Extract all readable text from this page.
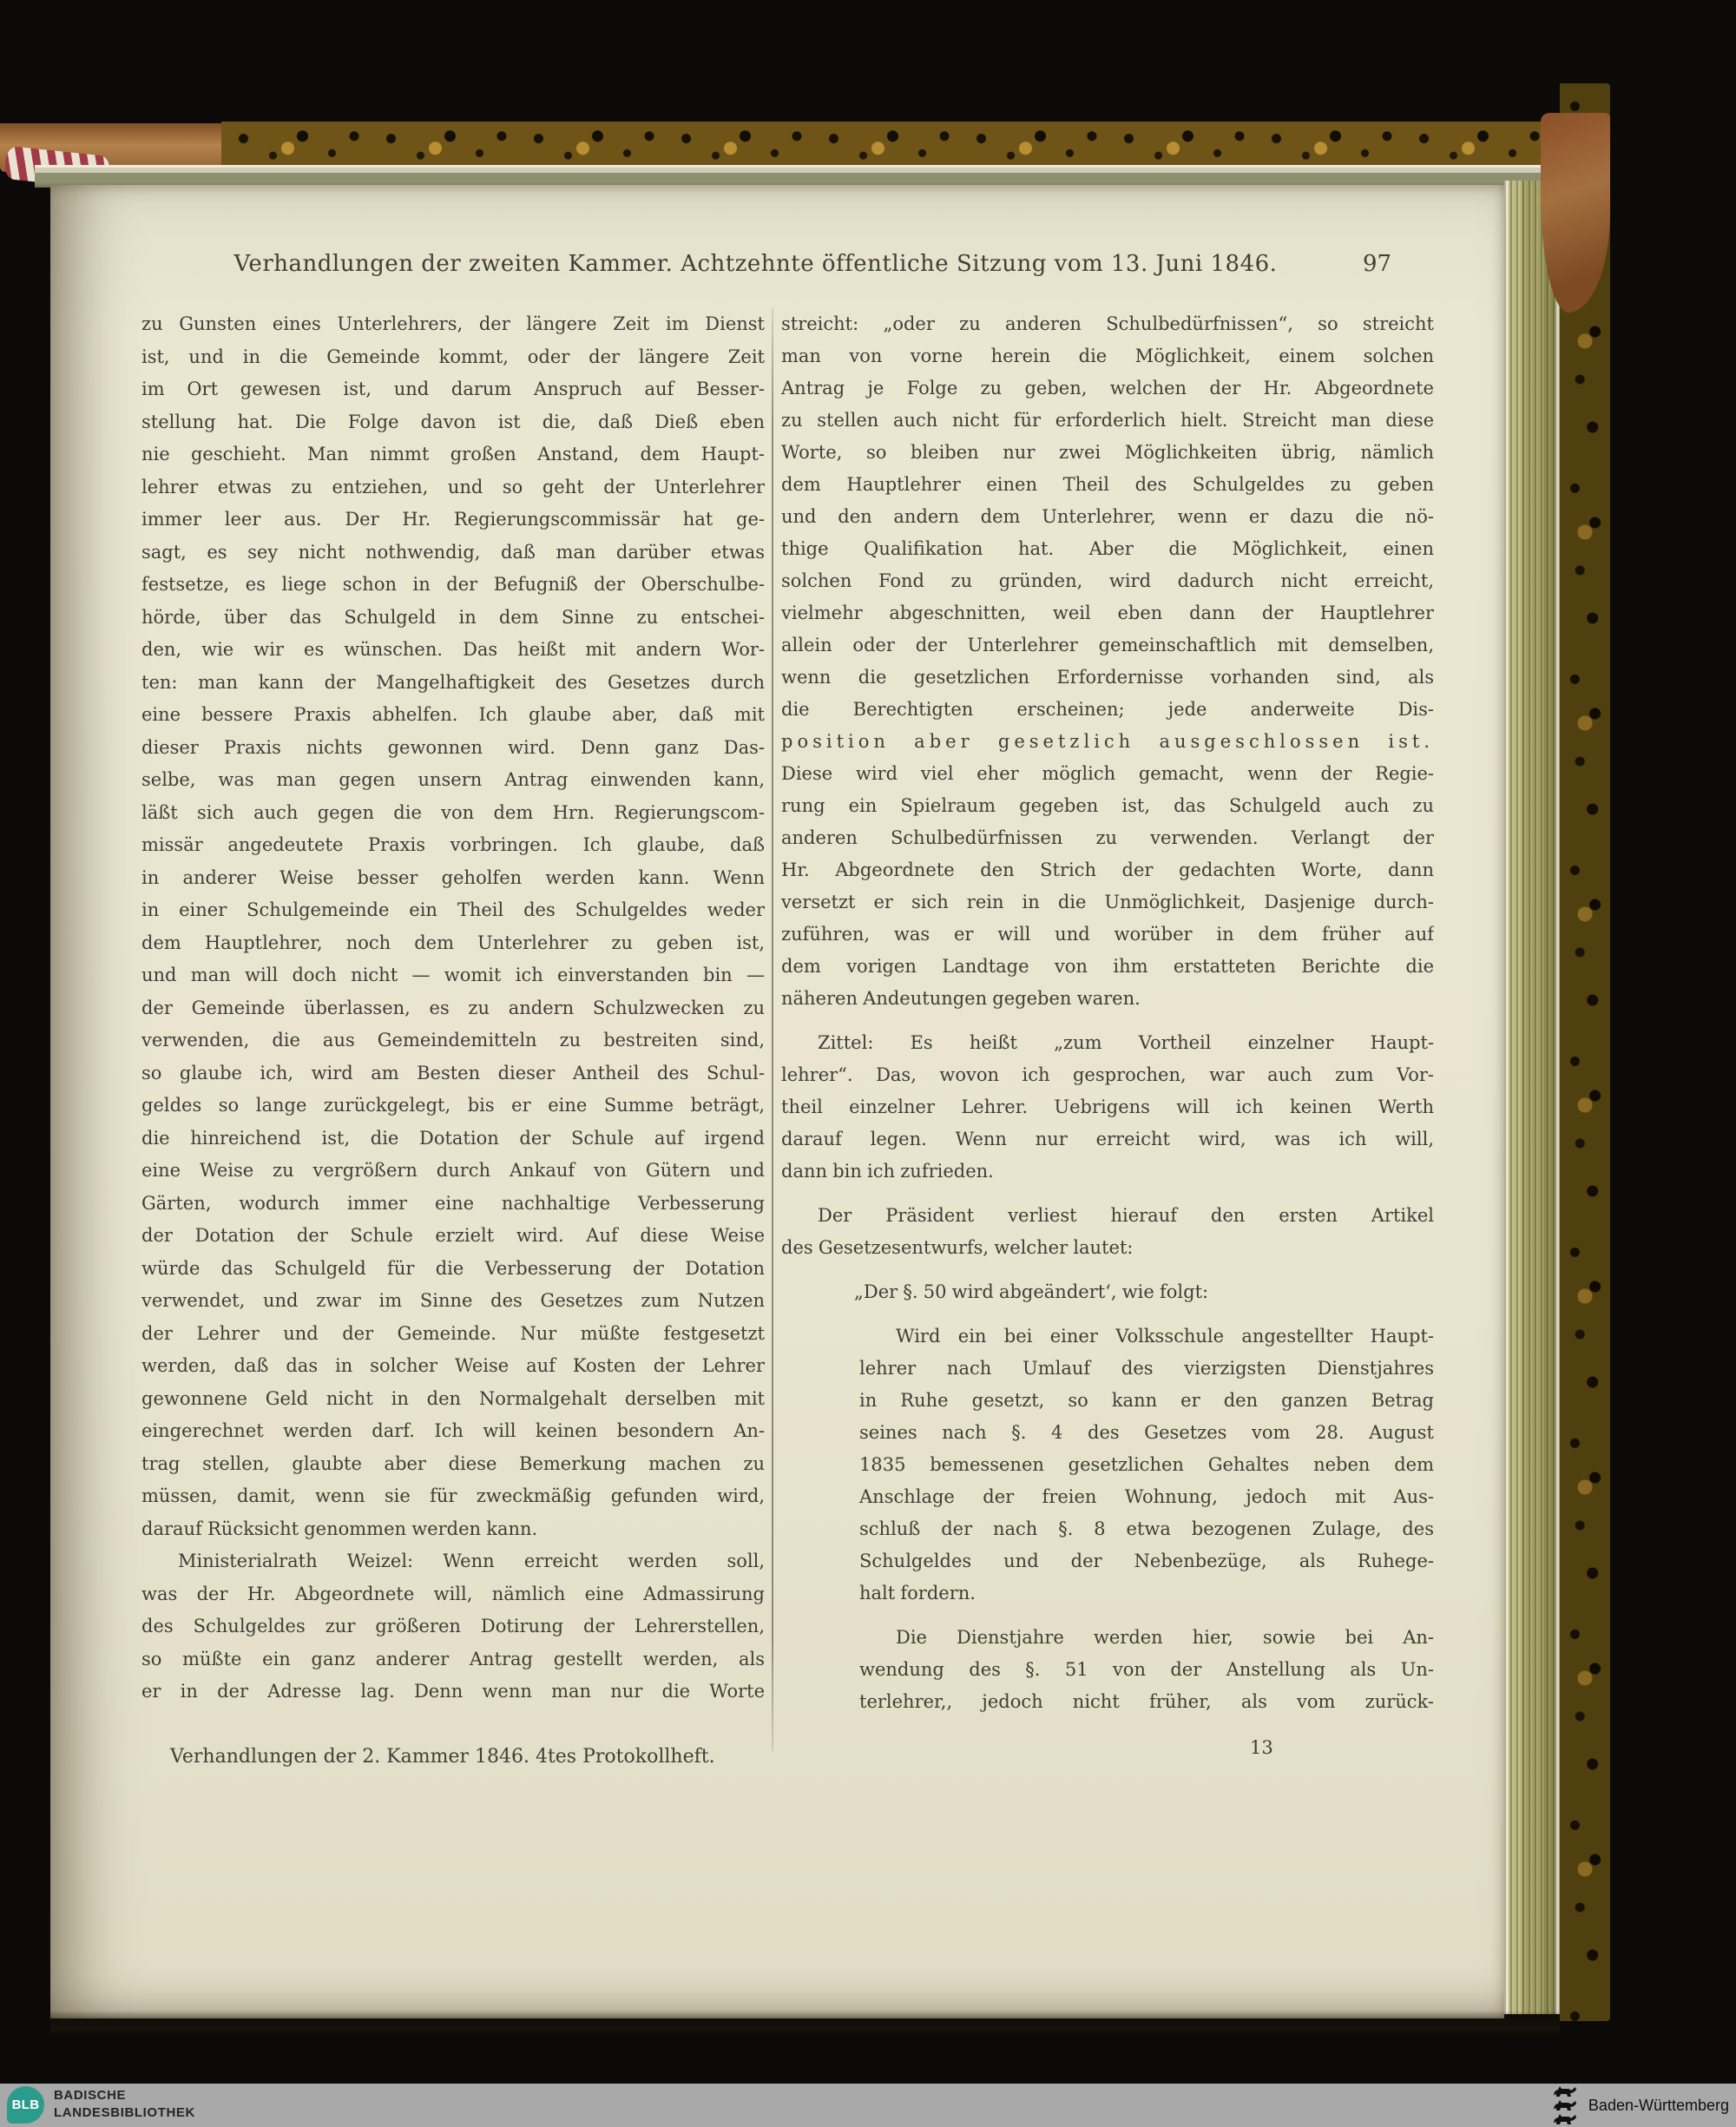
Verhandlungen der zweiten Kammer. Achtzehnte öffentliche Sitzung vom 13. Juni 1846.	97
zu Gunsten eines Unterlehrers, der längere Zeit im Dienst
ist, und in die Gemeinde kommt, oder der längere Zeit
im Ort gewesen ist, und darum Anspruch auf Besser-
stellung hat. Die Folge davon ist die, daß Dieß eben
nie geschieht. Man nimmt großen Anstand, dem Haupt-
lehrer etwas zu entziehen, und so geht der Unterlehrer
immer leer aus. Der Hr. Regierungscommissär hat ge-
sagt, es sey nicht nothwendig, daß man darüber etwas
festsetze, es liege schon in der Befugniß der Oberschulbe-
hörde, über das Schulgeld in dem Sinne zu entschei-
den, wie wir es wünschen. Das heißt mit andern Wor-
ten: man kann der Mangelhaftigkeit des Gesetzes durch
eine bessere Praxis abhelfen. Ich glaube aber, daß mit
dieser Praxis nichts gewonnen wird. Denn ganz Das-
selbe, was man gegen unsern Antrag einwenden kann,
läßt sich auch gegen die von dem Hrn. Regierungscom-
missär angedeutete Praxis vorbringen. Ich glaube, daß
in anderer Weise besser geholfen werden kann. Wenn
in einer Schulgemeinde ein Theil des Schulgeldes weder
dem Hauptlehrer, noch dem Unterlehrer zu geben ist,
und man will doch nicht — womit ich einverstanden bin —
der Gemeinde überlassen, es zu andern Schulzwecken zu
verwenden, die aus Gemeindemitteln zu bestreiten sind,
so glaube ich, wird am Besten dieser Antheil des Schul-
geldes so lange zurückgelegt, bis er eine Summe beträgt,
die hinreichend ist, die Dotation der Schule auf irgend
eine Weise zu vergrößern durch Ankauf von Gütern und
Gärten, wodurch immer eine nachhaltige Verbesserung
der Dotation der Schule erzielt wird. Auf diese Weise
würde das Schulgeld für die Verbesserung der Dotation
verwendet, und zwar im Sinne des Gesetzes zum Nutzen
der Lehrer und der Gemeinde. Nur müßte festgesetzt
werden, daß das in solcher Weise auf Kosten der Lehrer
gewonnene Geld nicht in den Normalgehalt derselben mit
eingerechnet werden darf. Ich will keinen besondern An-
trag stellen, glaubte aber diese Bemerkung machen zu
müssen, damit, wenn sie für zweckmäßig gefunden wird,
darauf Rücksicht genommen werden kann.
Ministerialrath Weizel: Wenn erreicht werden soll,
was der Hr. Abgeordnete will, nämlich eine Admassirung
des Schulgeldes zur größeren Dotirung der Lehrerstellen,
so müßte ein ganz anderer Antrag gestellt werden, als
er in der Adresse lag. Denn wenn man nur die Worte
streicht: „oder zu anderen Schulbedürfnissen“, so streicht
man von vorne herein die Möglichkeit, einem solchen
Antrag je Folge zu geben, welchen der Hr. Abgeordnete
zu stellen auch nicht für erforderlich hielt. Streicht man diese
Worte, so bleiben nur zwei Möglichkeiten übrig, nämlich
dem Hauptlehrer einen Theil des Schulgeldes zu geben
und den andern dem Unterlehrer, wenn er dazu die nö-
thige Qualifikation hat. Aber die Möglichkeit, einen
solchen Fond zu gründen, wird dadurch nicht erreicht,
vielmehr abgeschnitten, weil eben dann der Hauptlehrer
allein oder der Unterlehrer gemeinschaftlich mit demselben,
wenn die gesetzlichen Erfordernisse vorhanden sind, als
die Berechtigten erscheinen; jede anderweite Dis-
position aber gesetzlich ausgeschlossen ist.
Diese wird viel eher möglich gemacht, wenn der Regie-
rung ein Spielraum gegeben ist, das Schulgeld auch zu
anderen Schulbedürfnissen zu verwenden. Verlangt der
Hr. Abgeordnete den Strich der gedachten Worte, dann
versetzt er sich rein in die Unmöglichkeit, Dasjenige durch-
zuführen, was er will und worüber in dem früher auf
dem vorigen Landtage von ihm erstatteten Berichte die
näheren Andeutungen gegeben waren.
Zittel: Es heißt „zum Vortheil einzelner Haupt-
lehrer“. Das, wovon ich gesprochen, war auch zum Vor-
theil einzelner Lehrer. Uebrigens will ich keinen Werth
darauf legen. Wenn nur erreicht wird, was ich will,
dann bin ich zufrieden.
Der Präsident verliest hierauf den ersten Artikel
des Gesetzesentwurfs, welcher lautet:
„Der §. 50 wird abgeändert‘, wie folgt:
Wird ein bei einer Volksschule angestellter Haupt-
lehrer nach Umlauf des vierzigsten Dienstjahres
in Ruhe gesetzt, so kann er den ganzen Betrag
seines nach §. 4 des Gesetzes vom 28. August
1835 bemessenen gesetzlichen Gehaltes neben dem
Anschlage der freien Wohnung, jedoch mit Aus-
schluß der nach §. 8 etwa bezogenen Zulage, des
Schulgeldes und der Nebenbezüge, als Ruhege-
halt fordern.
Die Dienstjahre werden hier, sowie bei An-
wendung des §. 51 von der Anstellung als Un-
terlehrer,, jedoch nicht früher, als vom zurück-
13
Verhandlungen der 2. Kammer 1846. 4tes Protokollheft.
BLB
BADISCHE
LANDESBIBLIOTHEK	Baden-Württemberg
